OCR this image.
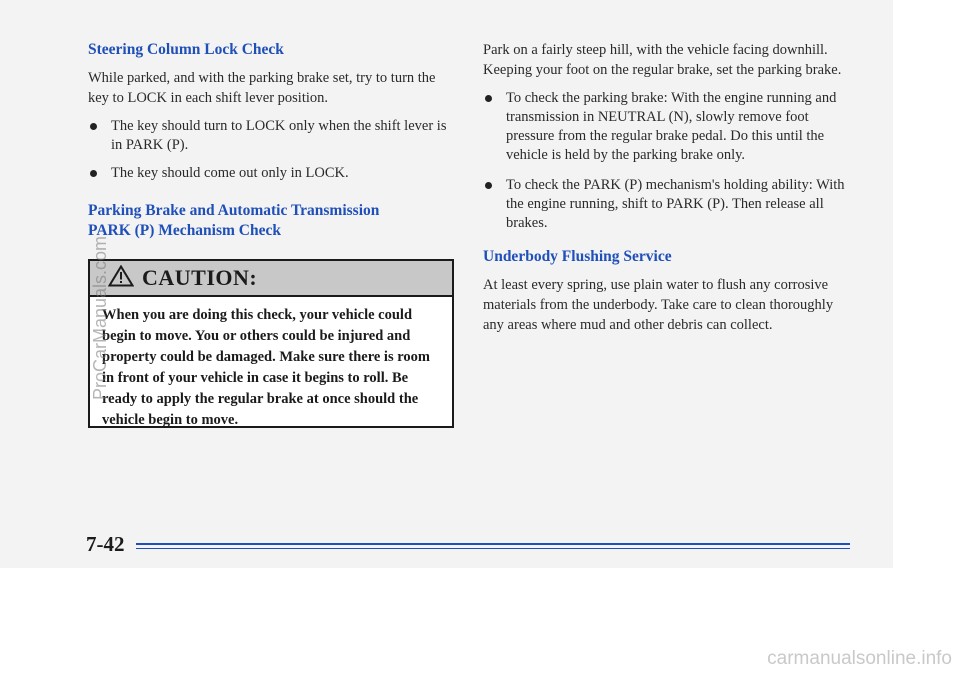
Steering Column Lock Check

While parked, and with the parking brake set, try to turn the key to LOCK in each shift lever position.

The key should turn to LOCK only when the shift lever is in PARK (P).
The key should come out only in LOCK.
Parking Brake and Automatic Transmission PARK (P) Mechanism Check
CAUTION:
When you are doing this check, your vehicle could begin to move. You or others could be injured and property could be damaged. Make sure there is room in front of your vehicle in case it begins to roll. Be ready to apply the regular brake at once should the vehicle begin to move.

Park on a fairly steep hill, with the vehicle facing downhill. Keeping your foot on the regular brake, set the parking brake.

To check the parking brake: With the engine running and transmission in NEUTRAL (N), slowly remove foot pressure from the regular brake pedal. Do this until the vehicle is held by the parking brake only.
To check the PARK (P) mechanism's holding ability: With the engine running, shift to PARK (P). Then release all brakes.
Underbody Flushing Service

At least every spring, use plain water to flush any corrosive materials from the underbody. Take care to clean thoroughly any areas where mud and other debris can collect.

7-42
ProCarManuals.com
carmanualsonline.info
